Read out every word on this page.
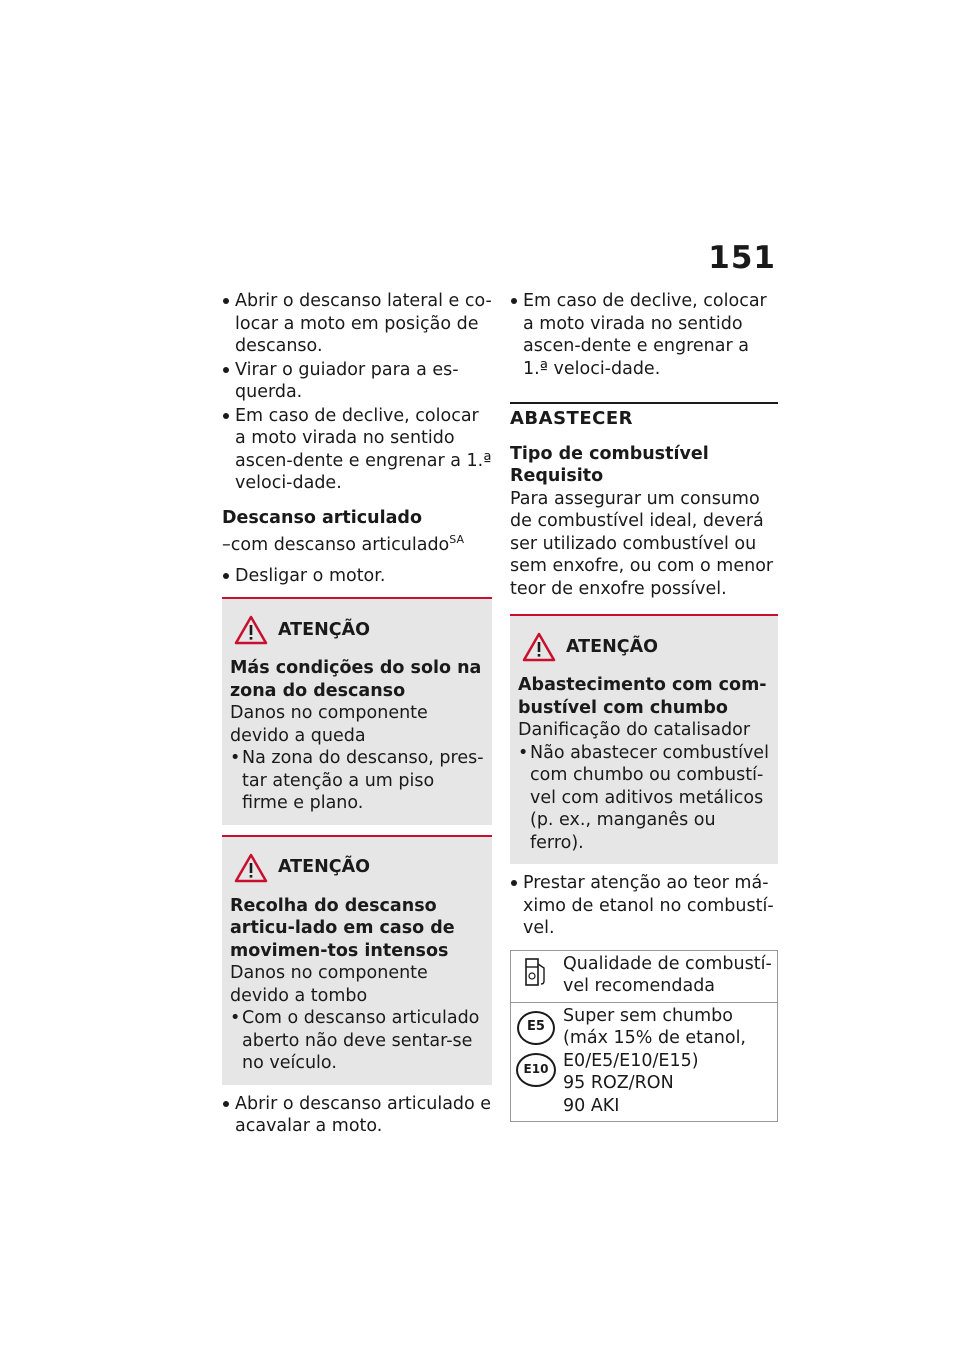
151
Abrir o descanso lateral e co-locar a moto em posição de descanso.
Virar o guiador para a es-querda.
Em caso de declive, colocar a moto virada no sentido ascen-dente e engrenar a 1.ª veloci-dade.
Descanso articulado
–com descanso articulado$^{SA}$
Desligar o motor.
ATENÇÃO

Más condições do solo na zona do descanso

Danos no componente devido a queda

• Na zona do descanso, pres-tar atenção a um piso firme e plano.

ATENÇÃO

Recolha do descanso articu-lado em caso de movimen-tos intensos

Danos no componente devido a tombo

• Com o descanso articulado aberto não deve sentar-se no veículo.

Abrir o descanso articulado e acavalar a moto.
Em caso de declive, colocar a moto virada no sentido ascen-dente e engrenar a 1.ª veloci-dade.
ABASTECER
Tipo de combustível
Requisito

Para assegurar um consumo de combustível ideal, deverá ser utilizado combustível ou sem enxofre, ou com o menor teor de enxofre possível.

ATENÇÃO

Abastecimento com com-bustível com chumbo

Danificação do catalisador

• Não abastecer combustível com chumbo ou combustí-vel com aditivos metálicos (p. ex., manganês ou ferro).

Prestar atenção ao teor má-ximo de etanol no combustí-vel.
Qualidade de combustí-vel recomendada
E5
E10
Super sem chumbo (máx 15% de etanol, E0/E5/E10/E15)
95 ROZ/RON
90 AKI
